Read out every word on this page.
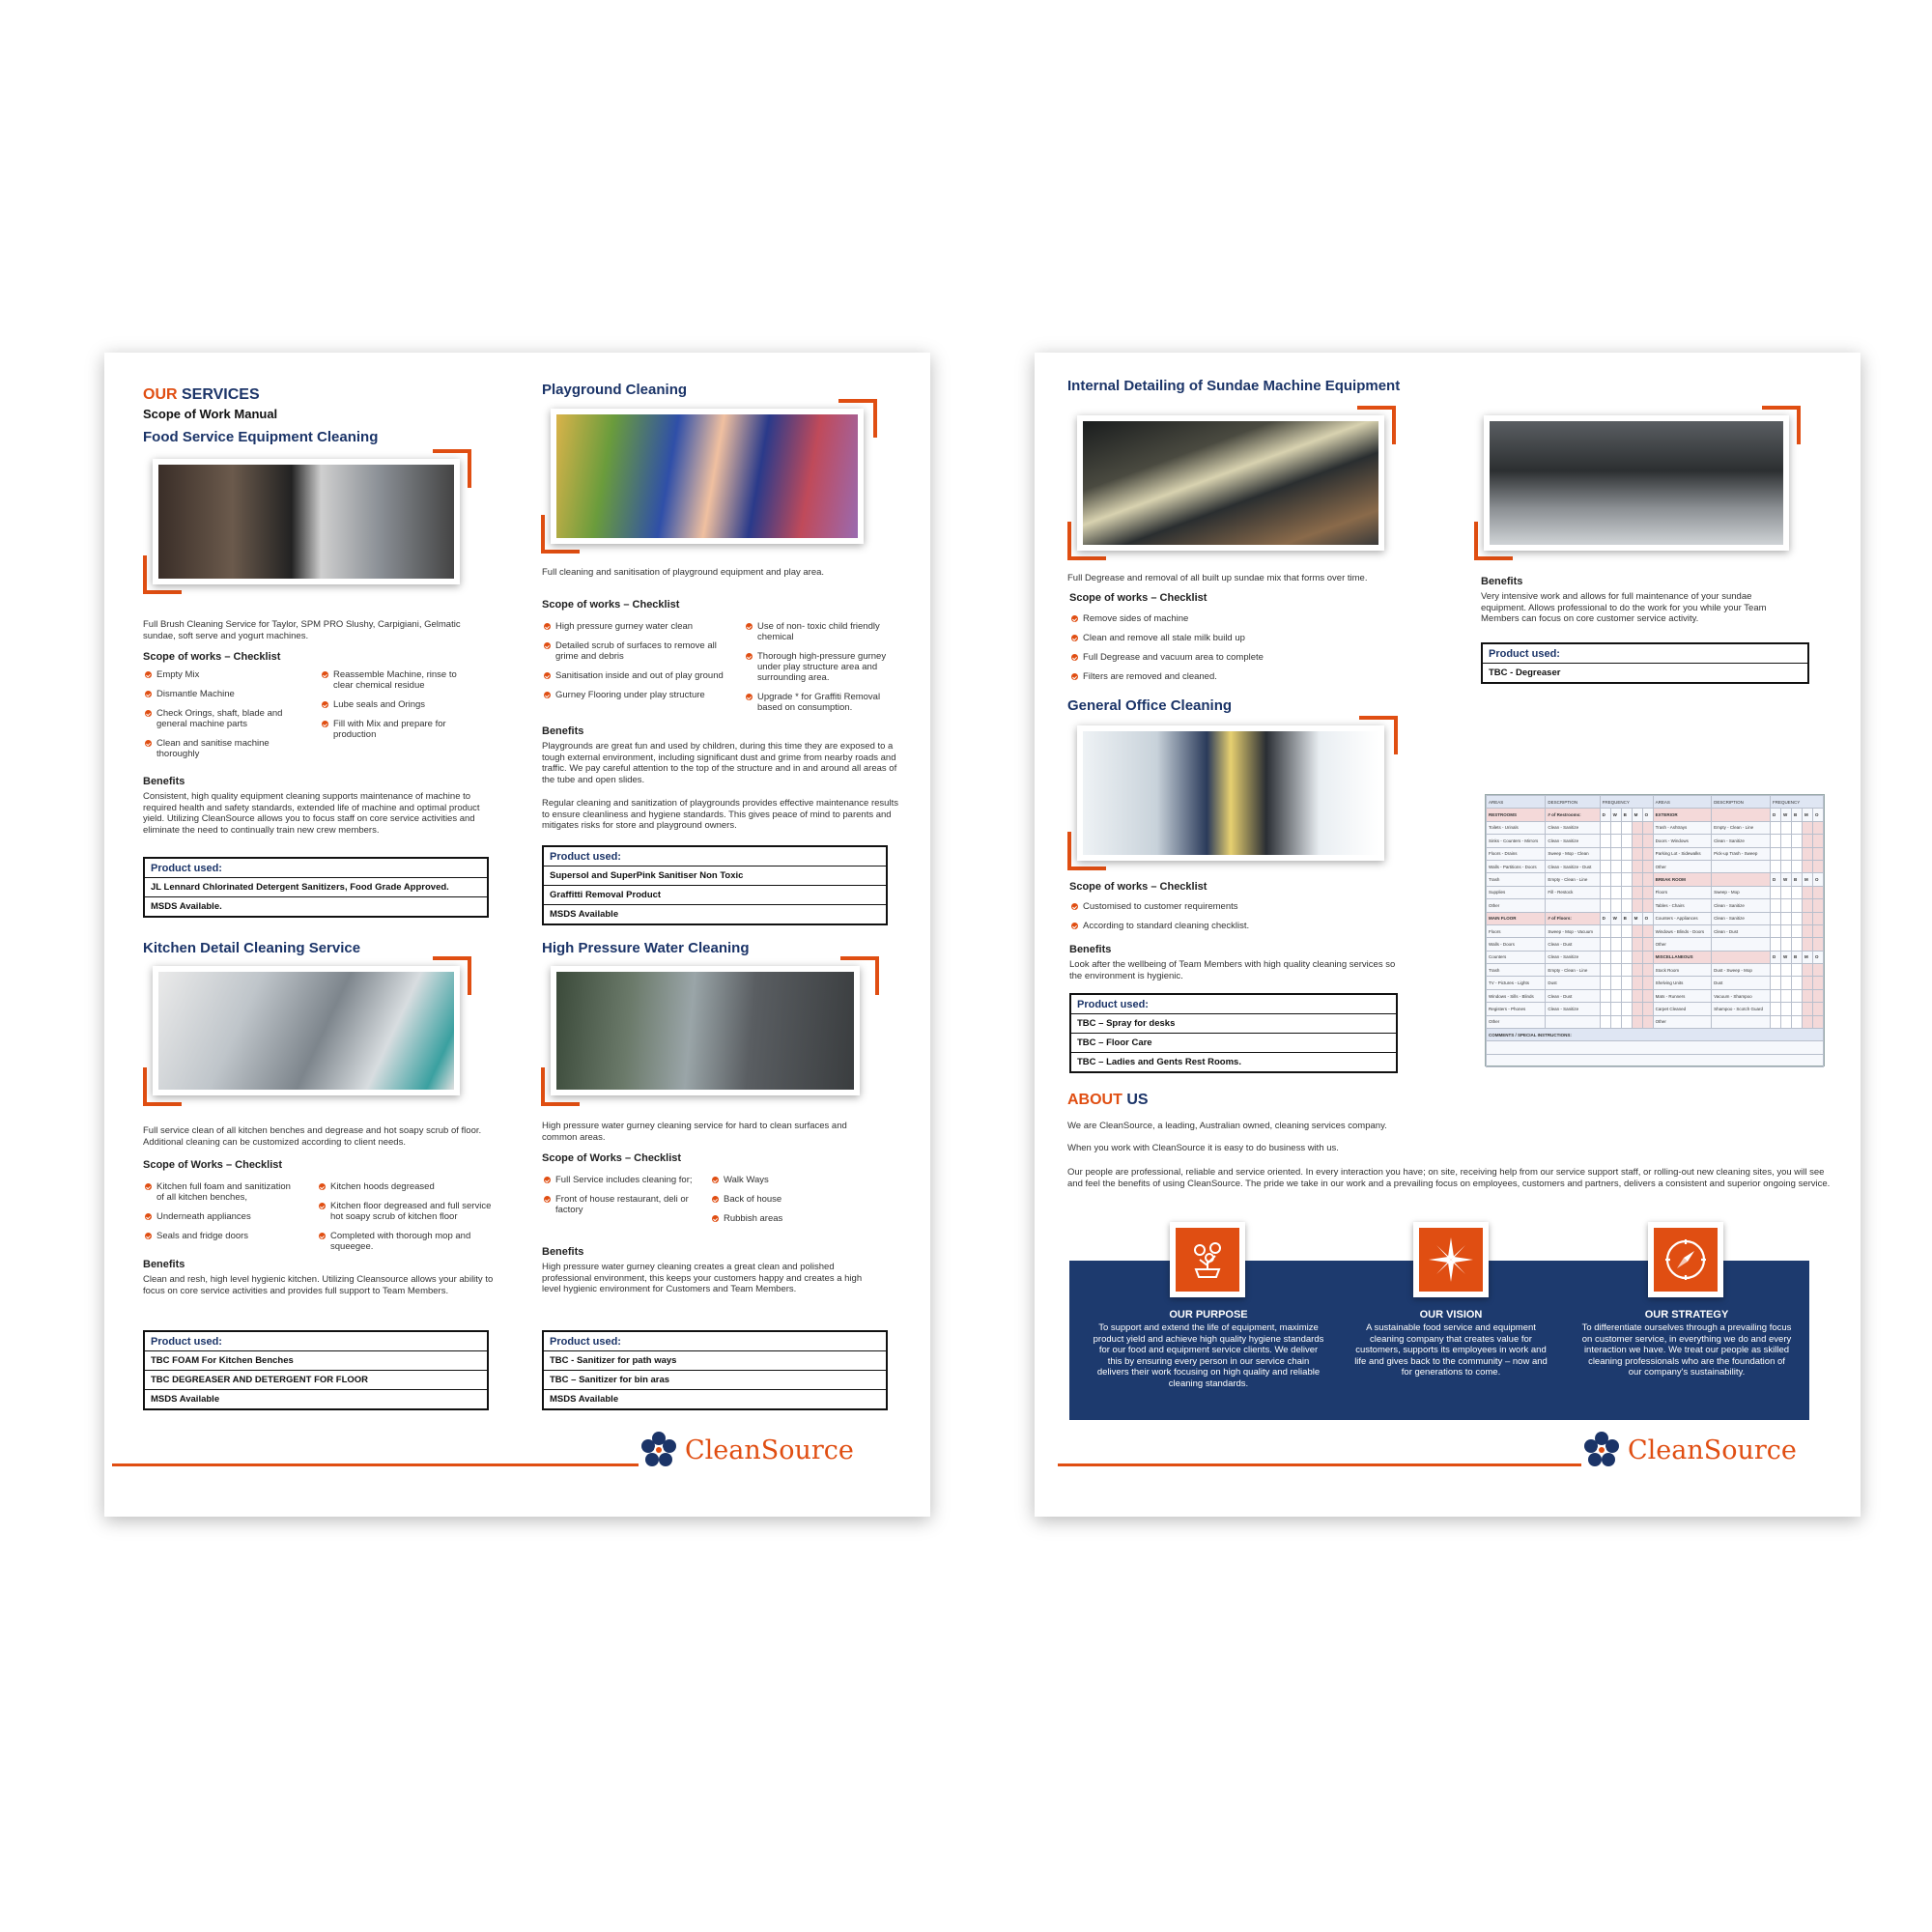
OUR SERVICES
Scope of Work Manual
Food Service Equipment Cleaning
Full Brush Cleaning Service for Taylor, SPM PRO Slushy, Carpigiani, Gelmatic sundae, soft serve and yogurt machines.
Scope of works – Checklist
Empty Mix
Dismantle Machine
Check Orings, shaft, blade and general machine parts
Clean and sanitise machine thoroughly
Reassemble Machine, rinse to clear chemical residue
Lube seals and Orings
Fill with Mix and prepare for production
Benefits
Consistent, high quality equipment cleaning supports maintenance of machine to required health and safety standards, extended life of machine and optimal product yield. Utilizing CleanSource allows you to focus staff on core service activities and eliminate the need to continually train new crew members.
Product used:
JL Lennard Chlorinated Detergent Sanitizers, Food Grade Approved.
MSDS Available.
Playground Cleaning
Full cleaning and sanitisation of playground equipment and play area.
Scope of works – Checklist
High pressure gurney water clean
Detailed scrub of surfaces to remove all grime and debris
Sanitisation inside and out of play ground
Gurney Flooring under play structure
Use of non- toxic child friendly chemical
Thorough high-pressure gurney under play structure area and surrounding area.
Upgrade * for Graffiti Removal based on consumption.
Benefits
Playgrounds are great fun and used by children, during this time they are exposed to a tough external environment, including significant dust and grime from nearby roads and traffic. We pay careful attention to the top of the structure and in and around all areas of the tube and open slides.
Regular cleaning and sanitization of playgrounds provides effective maintenance results to ensure cleanliness and hygiene standards. This gives peace of mind to parents and mitigates risks for store and playground owners.
Product used:
Supersol and SuperPink Sanitiser Non Toxic
Graffitti Removal Product
MSDS Available
Kitchen Detail Cleaning Service
Full service clean of all kitchen benches and degrease and hot soapy scrub of floor. Additional cleaning can be customized according to client needs.
Scope of Works – Checklist
Kitchen full foam and sanitization of all kitchen benches,
Underneath appliances
Seals and fridge doors
Kitchen hoods degreased
Kitchen floor degreased and full service hot soapy scrub of kitchen floor
Completed with thorough mop and squeegee.
Benefits
Clean and resh, high level hygienic kitchen. Utilizing Cleansource allows your ability to focus on core service activities and provides full support to Team Members.
Product used:
TBC FOAM For Kitchen Benches
TBC DEGREASER AND DETERGENT FOR FLOOR
MSDS Available
High Pressure Water Cleaning
High pressure water gurney cleaning service for hard to clean surfaces and common areas.
Scope of Works – Checklist
Full Service includes cleaning for;
Front of house restaurant, deli or factory
Walk Ways
Back of house
Rubbish areas
Benefits
High pressure water gurney cleaning creates a great clean and polished professional environment, this keeps your customers happy and creates a high level hygienic environment for Customers and Team Members.
Product used:
TBC - Sanitizer for path ways
TBC – Sanitizer for bin aras
MSDS Available
CleanSource
Internal Detailing of Sundae Machine Equipment
Full Degrease and removal of all built up sundae mix that forms over time.
Scope of works – Checklist
Remove sides of machine
Clean and remove all stale milk build up
Full Degrease and vacuum area to complete
Filters are removed and cleaned.
Benefits
Very intensive work and allows for full maintenance of your sundae equipment. Allows professional to do the work for you while your Team Members can focus on core customer service activity.
Product used:
TBC - Degreaser
General Office Cleaning
Scope of works – Checklist
Customised to customer requirements
According to standard cleaning checklist.
Benefits
Look after the wellbeing of Team Members with high quality cleaning services so the environment is hygienic.
Product used:
TBC – Spray for desks
TBC – Floor Care
TBC – Ladies and Gents Rest Rooms.
AREAS	DESCRIPTION	FREQUENCY					AREAS	DESCRIPTION	FREQUENCY				
RESTROOMS	# of Restrooms:	D	W	B	M	O	EXTERIOR		D	W	B	M	O
Toilets - Urinals	Clean - Sanitize						Trash - Ashtrays	Empty - Clean - Line					
Sinks - Counters - Mirrors	Clean - Sanitize						Doors - Windows	Clean - Sanitize					
Floors - Drains	Sweep - Mop - Clean						Parking Lot - Sidewalks	Pick-up Trash - Sweep					
Walls - Partitions - Doors	Clean - Sanitize - Dust						Other						
Trash	Empty - Clean - Line						BREAK ROOM		D	W	B	M	O
Supplies	Fill - Restock						Floors	Sweep - Mop					
Other							Tables - Chairs	Clean - Sanitize					
MAIN FLOOR	# of Floors:	D	W	B	M	O	Counters - Appliances	Clean - Sanitize					
Floors	Sweep - Mop - Vacuum						Windows - Blinds - Doors	Clean - Dust					
Walls - Doors	Clean - Dust						Other						
Counters	Clean - Sanitize						MISCELLANEOUS		D	W	B	M	O
Trash	Empty - Clean - Line						Stock Room	Dust - Sweep - Mop					
TV - Pictures - Lights	Dust						Shelving Units	Dust					
Windows - Sills - Blinds	Clean - Dust						Mats - Runners	Vacuum - Shampoo					
Registers - Phones	Clean - Sanitize						Carpet Cleaned	Shampoo - Scotch Guard					
Other							Other						
COMMENTS / SPECIAL INSTRUCTIONS:													

ABOUT US
We are CleanSource, a leading, Australian owned, cleaning services company.
When you work with CleanSource it is easy to do business with us.
Our people are professional, reliable and service oriented. In every interaction you have; on site, receiving help from our service support staff, or rolling-out new cleaning sites, you will see and feel the benefits of using CleanSource. The pride we take in our work and a prevailing focus on employees, customers and partners, delivers a consistent and superior ongoing service.
OUR PURPOSE
To support and extend the life of equipment, maximize product yield and achieve high quality hygiene standards for our food and equipment service clients. We deliver this by ensuring every person in our service chain delivers their work focusing on high quality and reliable cleaning standards.
OUR VISION
A sustainable food service and equipment cleaning company that creates value for customers, supports its employees in work and life and gives back to the community – now and for generations to come.
OUR STRATEGY
To differentiate ourselves through a prevailing focus on customer service, in everything we do and every interaction we have. We treat our people as skilled cleaning professionals who are the foundation of our company's sustainability.
CleanSource
